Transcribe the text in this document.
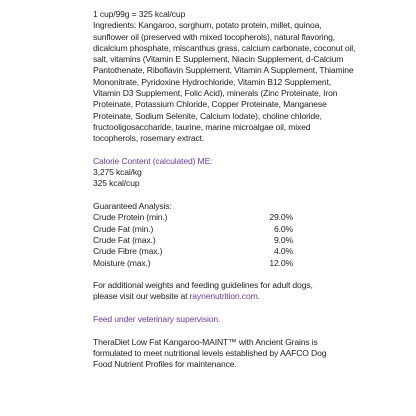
1 cup/99g = 325 kcal/cup
Ingredients: Kangaroo, sorghum, potato protein, millet, quinoa,
sunflower oil (preserved with mixed tocopherols), natural flavoring,
dicalcium phosphate, miscanthus grass, calcium carbonate, coconut oil,
salt, vitamins (Vitamin E Supplement, Niacin Supplement, d-Calcium
Pantothenate, Riboflavin Supplement, Vitamin A Supplement, Thiamine
Mononitrate, Pyridoxine Hydrochloride, Vitamin B12 Supplement,
Vitamin D3 Supplement, Folic Acid), minerals (Zinc Proteinate, Iron
Proteinate, Potassium Chloride, Copper Proteinate, Manganese
Proteinate, Sodium Selenite, Calcium Iodate), choline chloride,
fructooligosaccharide, taurine, marine microalgae oil, mixed
tocopherols, rosemary extract.
Calorie Content (calculated) ME:
3,275 kcal/kg
325 kcal/cup
Guaranteed Analysis:
Crude Protein (min.)	29.0%
Crude Fat (min.)	6.0%
Crude Fat (max.)	9.0%
Crude Fibre (max.)	4.0%
Moisture (max.)	12.0%
For additional weights and feeding guidelines for adult dogs,
please visit our website at raynenutrition.com.
Feed under veterinary supervision.
TheraDiet Low Fat Kangaroo-MAINT™ with Ancient Grains is
formulated to meet nutritional levels established by AAFCO Dog
Food Nutrient Profiles for maintenance.
